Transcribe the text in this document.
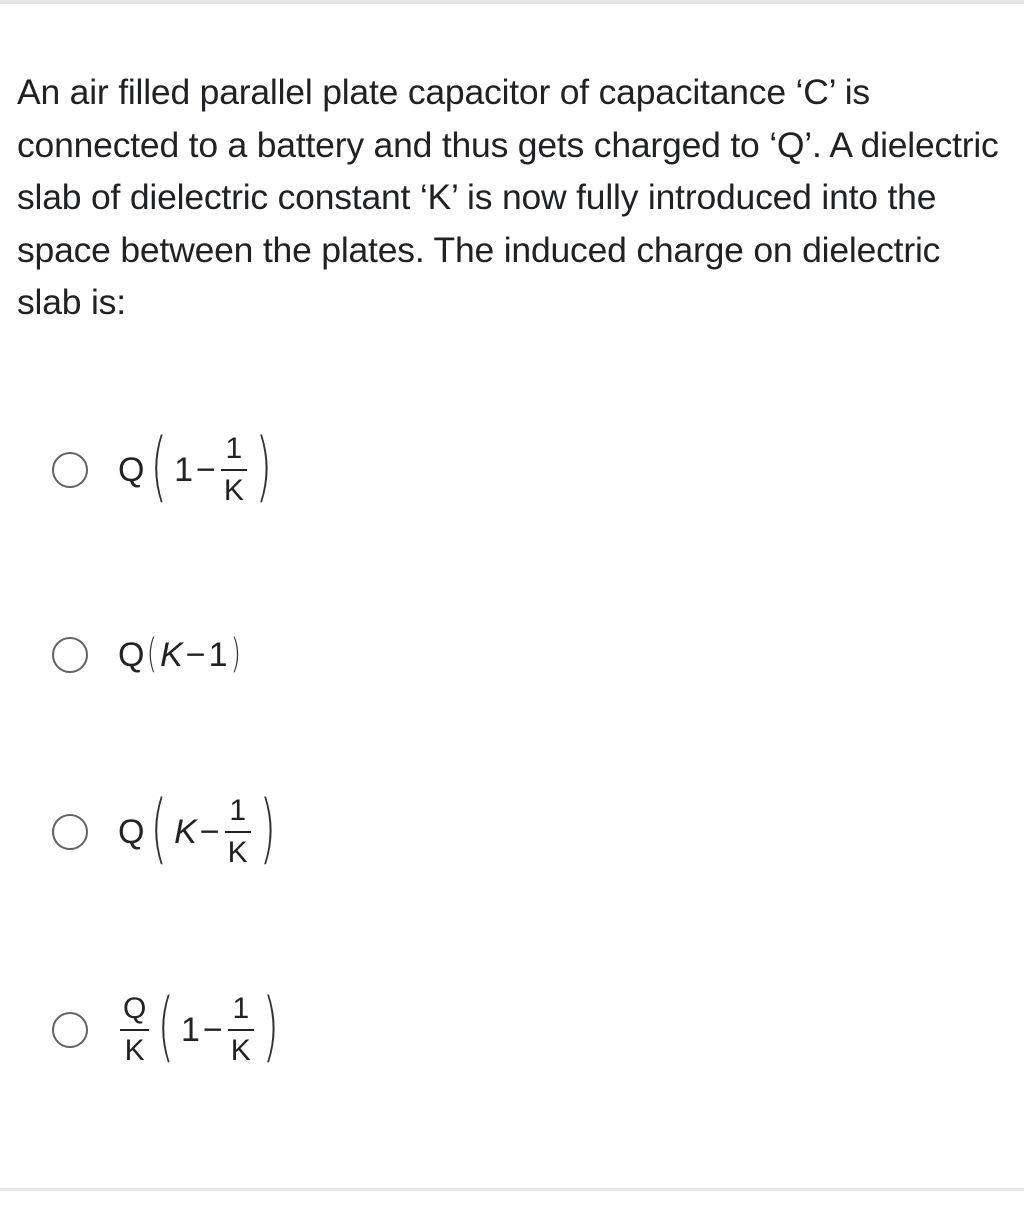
An air filled parallel plate capacitor of capacitance ‘C’ is connected to a battery and thus gets charged to ‘Q’. A dielectric slab of dielectric constant ‘K’ is now fully introduced into the space between the plates. The induced charge on dielectric slab is:
Q ( $1 - \frac{1}{K}$ )
Q ( K − 1 )
Q ( $K - \frac{1}{K}$ )
$\frac{Q}{K}$ ( $1 - \frac{1}{K}$ )
